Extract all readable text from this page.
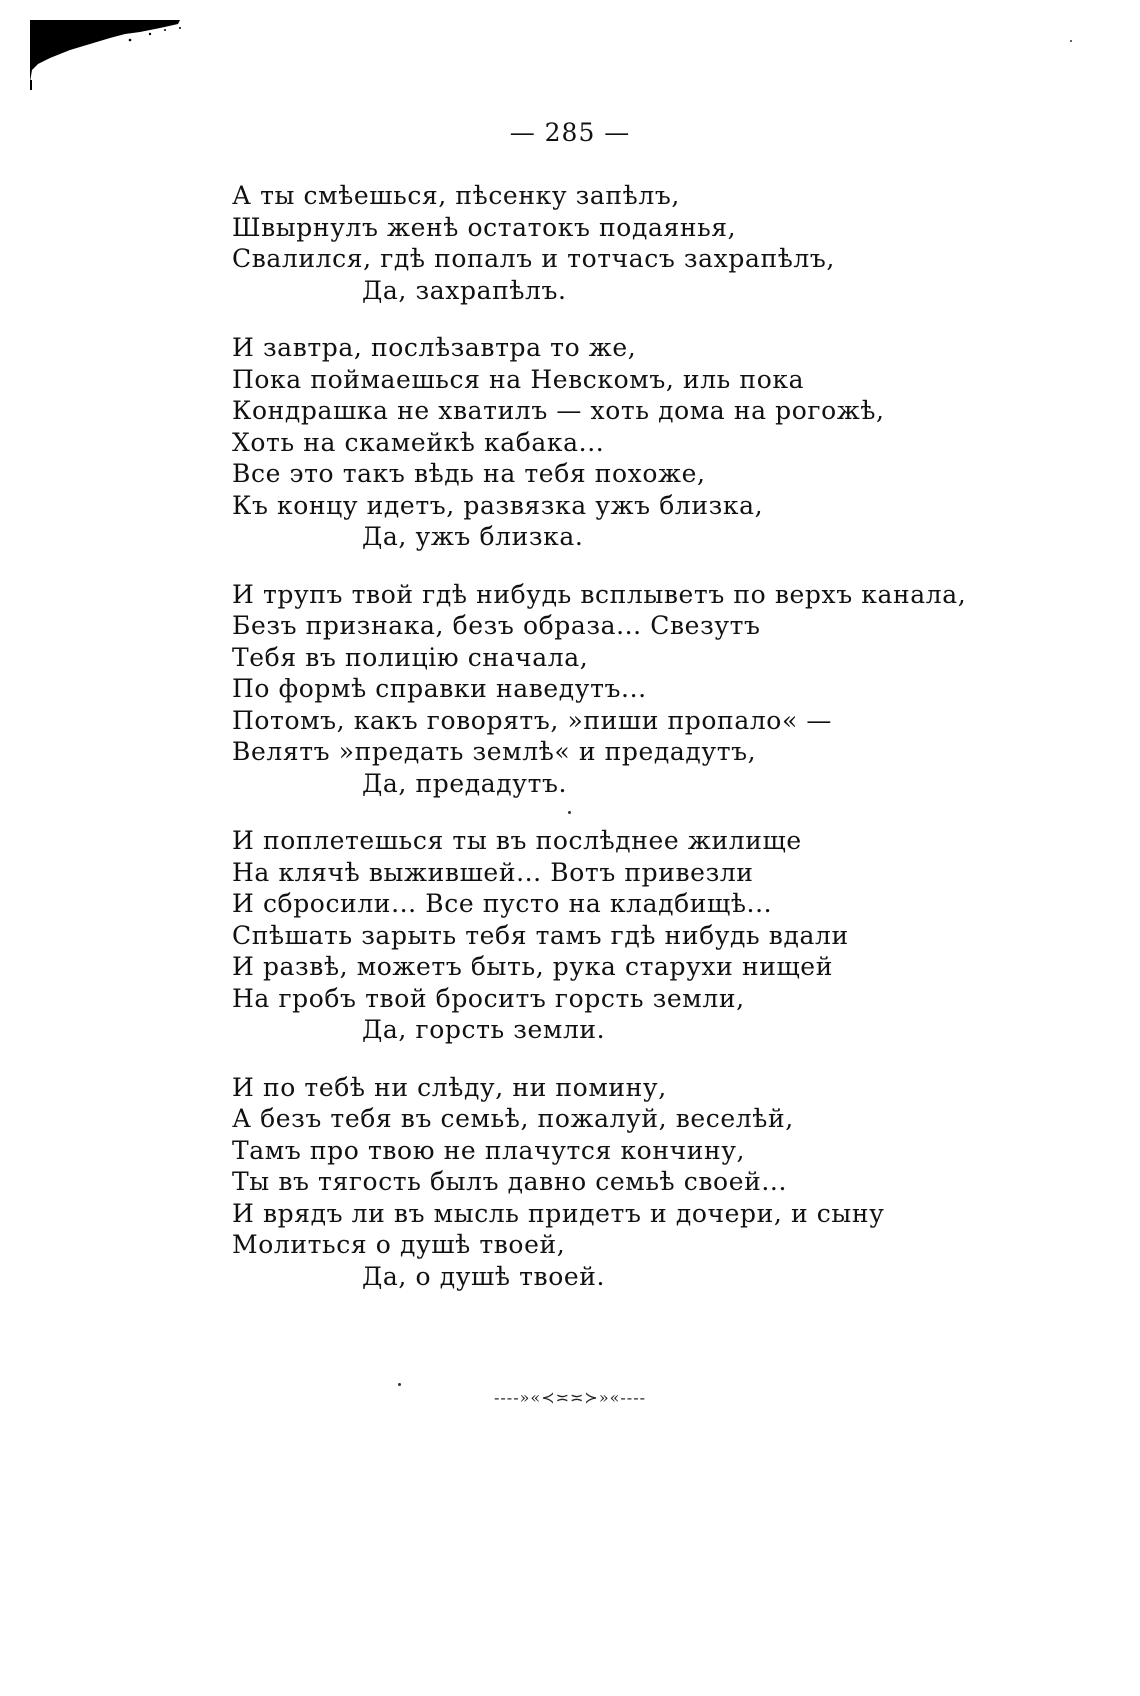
— 285 —
А ты смѣешься, пѣсенку запѣлъ,
Швырнулъ женѣ остатокъ подаянья,
Свалился, гдѣ попалъ и тотчасъ захрапѣлъ,
Да, захрапѣлъ.
И завтра, послѣзавтра то же,
Пока поймаешься на Невскомъ, иль пока
Кондрашка не хватилъ — хоть дома на рогожѣ,
Хоть на скамейкѣ кабака...
Все это такъ вѣдь на тебя похоже,
Къ концу идетъ, развязка ужъ близка,
Да, ужъ близка.
И трупъ твой гдѣ нибудь всплыветъ по верхъ канала,
Безъ признака, безъ образа... Свезутъ
Тебя въ полицію сначала,
По формѣ справки наведутъ...
Потомъ, какъ говорятъ, »пиши пропало« —
Велятъ »предать землѣ« и предадутъ,
Да, предадутъ.
И поплетешься ты въ послѣднее жилище
На клячѣ выжившей... Вотъ привезли
И сбросили... Все пусто на кладбищѣ...
Спѣшать зарыть тебя тамъ гдѣ нибудь вдали
И развѣ, можетъ быть, рука старухи нищей
На гробъ твой броситъ горсть земли,
Да, горсть земли.
И по тебѣ ни слѣду, ни помину,
А безъ тебя въ семьѣ, пожалуй, веселѣй,
Тамъ про твою не плачутся кончину,
Ты въ тягость былъ давно семьѣ своей...
И врядъ ли въ мысль придетъ и дочери, и сыну
Молиться о душѣ твоей,
Да, о душѣ твоей.
----»«≺≍≍≻»«----
